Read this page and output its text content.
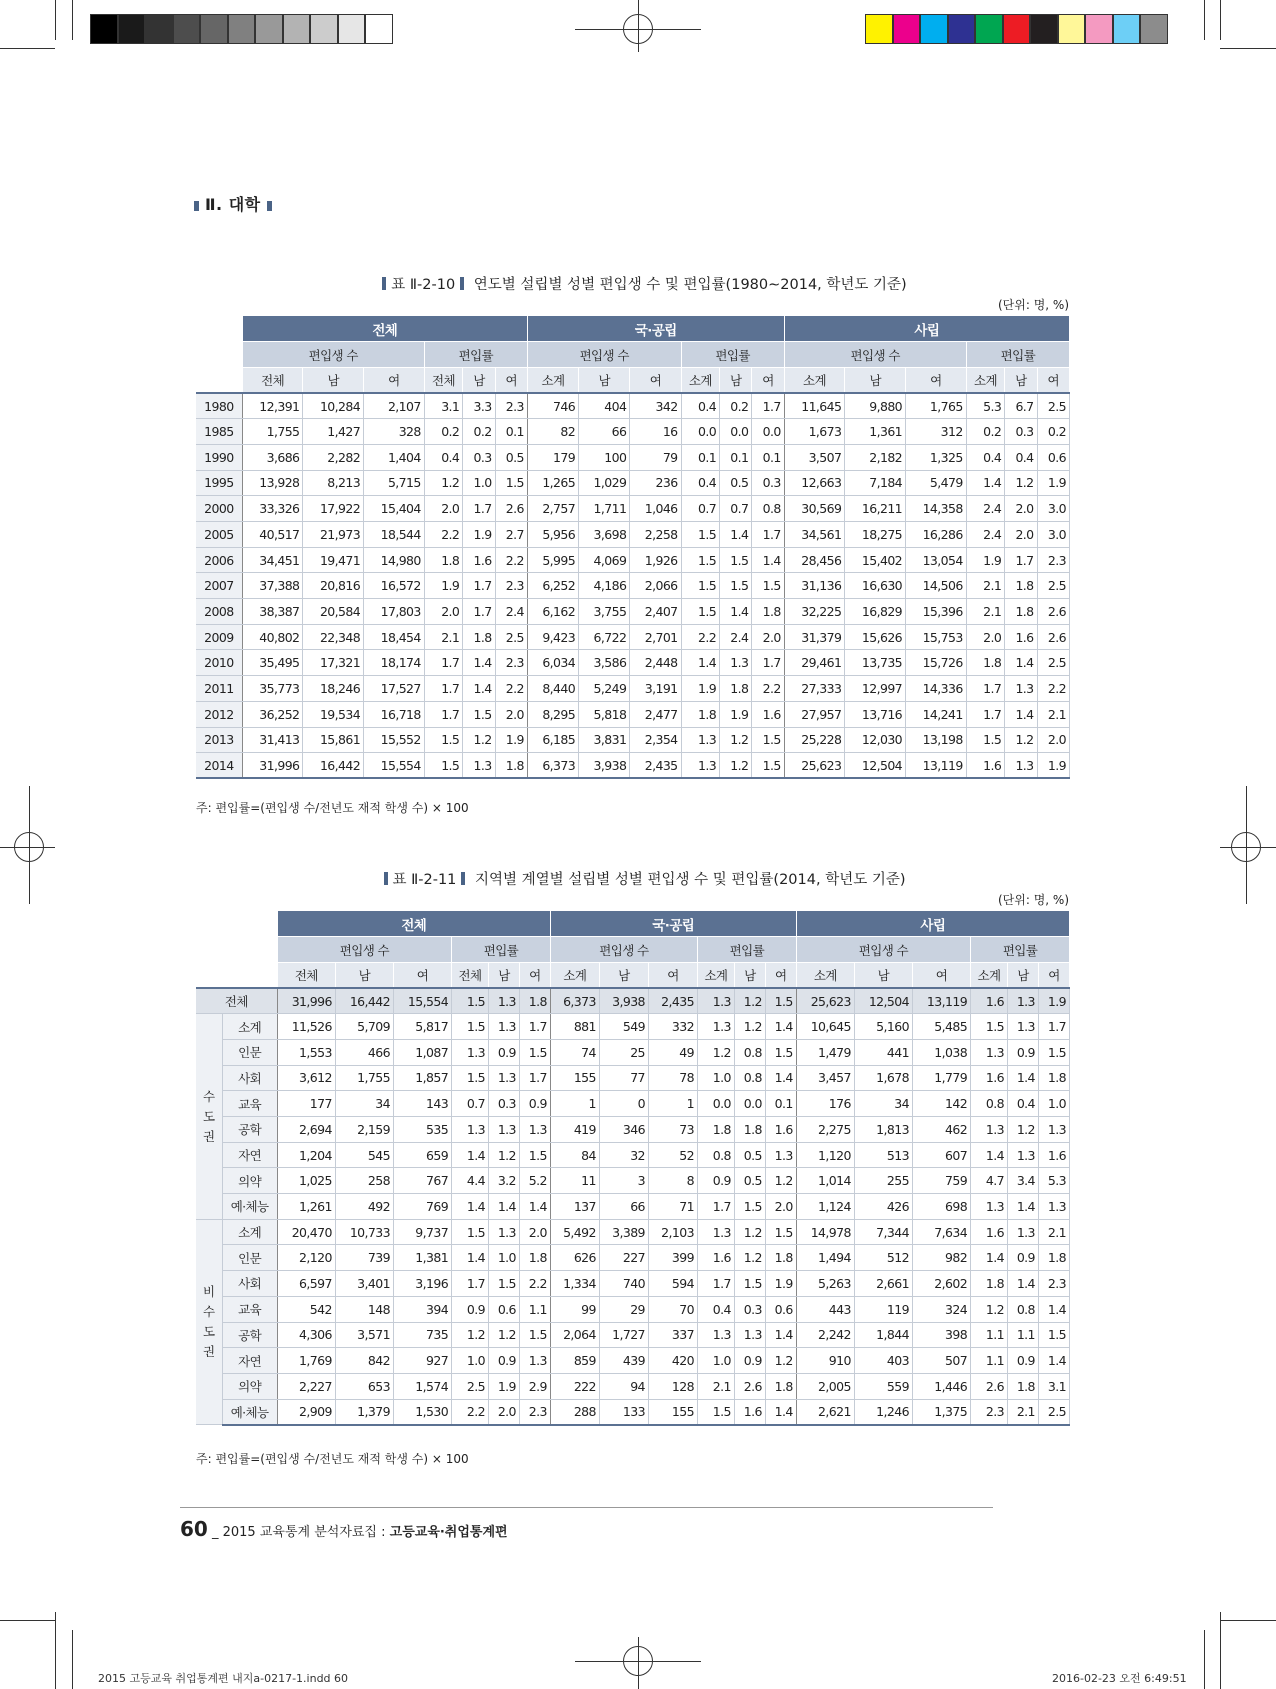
Ⅱ. 대학
표 Ⅱ-2-10 연도별 설립별 성별 편입생 수 및 편입률(1980∼2014, 학년도 기준)
(단위: 명, %)
	전체						국·공립						사립					
	편입생 수			편입률			편입생 수			편입률			편입생 수			편입률		
	전체	남	여	전체	남	여	소계	남	여	소계	남	여	소계	남	여	소계	남	여
1980	12,391	10,284	2,107	3.1	3.3	2.3	746	404	342	0.4	0.2	1.7	11,645	9,880	1,765	5.3	6.7	2.5
1985	1,755	1,427	328	0.2	0.2	0.1	82	66	16	0.0	0.0	0.0	1,673	1,361	312	0.2	0.3	0.2
1990	3,686	2,282	1,404	0.4	0.3	0.5	179	100	79	0.1	0.1	0.1	3,507	2,182	1,325	0.4	0.4	0.6
1995	13,928	8,213	5,715	1.2	1.0	1.5	1,265	1,029	236	0.4	0.5	0.3	12,663	7,184	5,479	1.4	1.2	1.9
2000	33,326	17,922	15,404	2.0	1.7	2.6	2,757	1,711	1,046	0.7	0.7	0.8	30,569	16,211	14,358	2.4	2.0	3.0
2005	40,517	21,973	18,544	2.2	1.9	2.7	5,956	3,698	2,258	1.5	1.4	1.7	34,561	18,275	16,286	2.4	2.0	3.0
2006	34,451	19,471	14,980	1.8	1.6	2.2	5,995	4,069	1,926	1.5	1.5	1.4	28,456	15,402	13,054	1.9	1.7	2.3
2007	37,388	20,816	16,572	1.9	1.7	2.3	6,252	4,186	2,066	1.5	1.5	1.5	31,136	16,630	14,506	2.1	1.8	2.5
2008	38,387	20,584	17,803	2.0	1.7	2.4	6,162	3,755	2,407	1.5	1.4	1.8	32,225	16,829	15,396	2.1	1.8	2.6
2009	40,802	22,348	18,454	2.1	1.8	2.5	9,423	6,722	2,701	2.2	2.4	2.0	31,379	15,626	15,753	2.0	1.6	2.6
2010	35,495	17,321	18,174	1.7	1.4	2.3	6,034	3,586	2,448	1.4	1.3	1.7	29,461	13,735	15,726	1.8	1.4	2.5
2011	35,773	18,246	17,527	1.7	1.4	2.2	8,440	5,249	3,191	1.9	1.8	2.2	27,333	12,997	14,336	1.7	1.3	2.2
2012	36,252	19,534	16,718	1.7	1.5	2.0	8,295	5,818	2,477	1.8	1.9	1.6	27,957	13,716	14,241	1.7	1.4	2.1
2013	31,413	15,861	15,552	1.5	1.2	1.9	6,185	3,831	2,354	1.3	1.2	1.5	25,228	12,030	13,198	1.5	1.2	2.0
2014	31,996	16,442	15,554	1.5	1.3	1.8	6,373	3,938	2,435	1.3	1.2	1.5	25,623	12,504	13,119	1.6	1.3	1.9
주: 편입률=(편입생 수/전년도 재적 학생 수) × 100
표 Ⅱ-2-11 지역별 계열별 설립별 성별 편입생 수 및 편입률(2014, 학년도 기준)
(단위: 명, %)
		전체						국·공립						사립					
		편입생 수			편입률			편입생 수			편입률			편입생 수			편입률		
		전체	남	여	전체	남	여	소계	남	여	소계	남	여	소계	남	여	소계	남	여
전체		31,996	16,442	15,554	1.5	1.3	1.8	6,373	3,938	2,435	1.3	1.2	1.5	25,623	12,504	13,119	1.6	1.3	1.9
수
도
권	소계	11,526	5,709	5,817	1.5	1.3	1.7	881	549	332	1.3	1.2	1.4	10,645	5,160	5,485	1.5	1.3	1.7
	인문	1,553	466	1,087	1.3	0.9	1.5	74	25	49	1.2	0.8	1.5	1,479	441	1,038	1.3	0.9	1.5
	사회	3,612	1,755	1,857	1.5	1.3	1.7	155	77	78	1.0	0.8	1.4	3,457	1,678	1,779	1.6	1.4	1.8
	교육	177	34	143	0.7	0.3	0.9	1	0	1	0.0	0.0	0.1	176	34	142	0.8	0.4	1.0
	공학	2,694	2,159	535	1.3	1.3	1.3	419	346	73	1.8	1.8	1.6	2,275	1,813	462	1.3	1.2	1.3
	자연	1,204	545	659	1.4	1.2	1.5	84	32	52	0.8	0.5	1.3	1,120	513	607	1.4	1.3	1.6
	의약	1,025	258	767	4.4	3.2	5.2	11	3	8	0.9	0.5	1.2	1,014	255	759	4.7	3.4	5.3
	예·체능	1,261	492	769	1.4	1.4	1.4	137	66	71	1.7	1.5	2.0	1,124	426	698	1.3	1.4	1.3
비
수
도
권	소계	20,470	10,733	9,737	1.5	1.3	2.0	5,492	3,389	2,103	1.3	1.2	1.5	14,978	7,344	7,634	1.6	1.3	2.1
	인문	2,120	739	1,381	1.4	1.0	1.8	626	227	399	1.6	1.2	1.8	1,494	512	982	1.4	0.9	1.8
	사회	6,597	3,401	3,196	1.7	1.5	2.2	1,334	740	594	1.7	1.5	1.9	5,263	2,661	2,602	1.8	1.4	2.3
	교육	542	148	394	0.9	0.6	1.1	99	29	70	0.4	0.3	0.6	443	119	324	1.2	0.8	1.4
	공학	4,306	3,571	735	1.2	1.2	1.5	2,064	1,727	337	1.3	1.3	1.4	2,242	1,844	398	1.1	1.1	1.5
	자연	1,769	842	927	1.0	0.9	1.3	859	439	420	1.0	0.9	1.2	910	403	507	1.1	0.9	1.4
	의약	2,227	653	1,574	2.5	1.9	2.9	222	94	128	2.1	2.6	1.8	2,005	559	1,446	2.6	1.8	3.1
	예·체능	2,909	1,379	1,530	2.2	2.0	2.3	288	133	155	1.5	1.6	1.4	2,621	1,246	1,375	2.3	2.1	2.5
주: 편입률=(편입생 수/전년도 재적 학생 수) × 100
60 _ 2015 교육통계 분석자료집 : 고등교육·취업통계편
2015 고등교육 취업통계편 내지a-0217-1.indd 60	2016-02-23 오전 6:49:51
